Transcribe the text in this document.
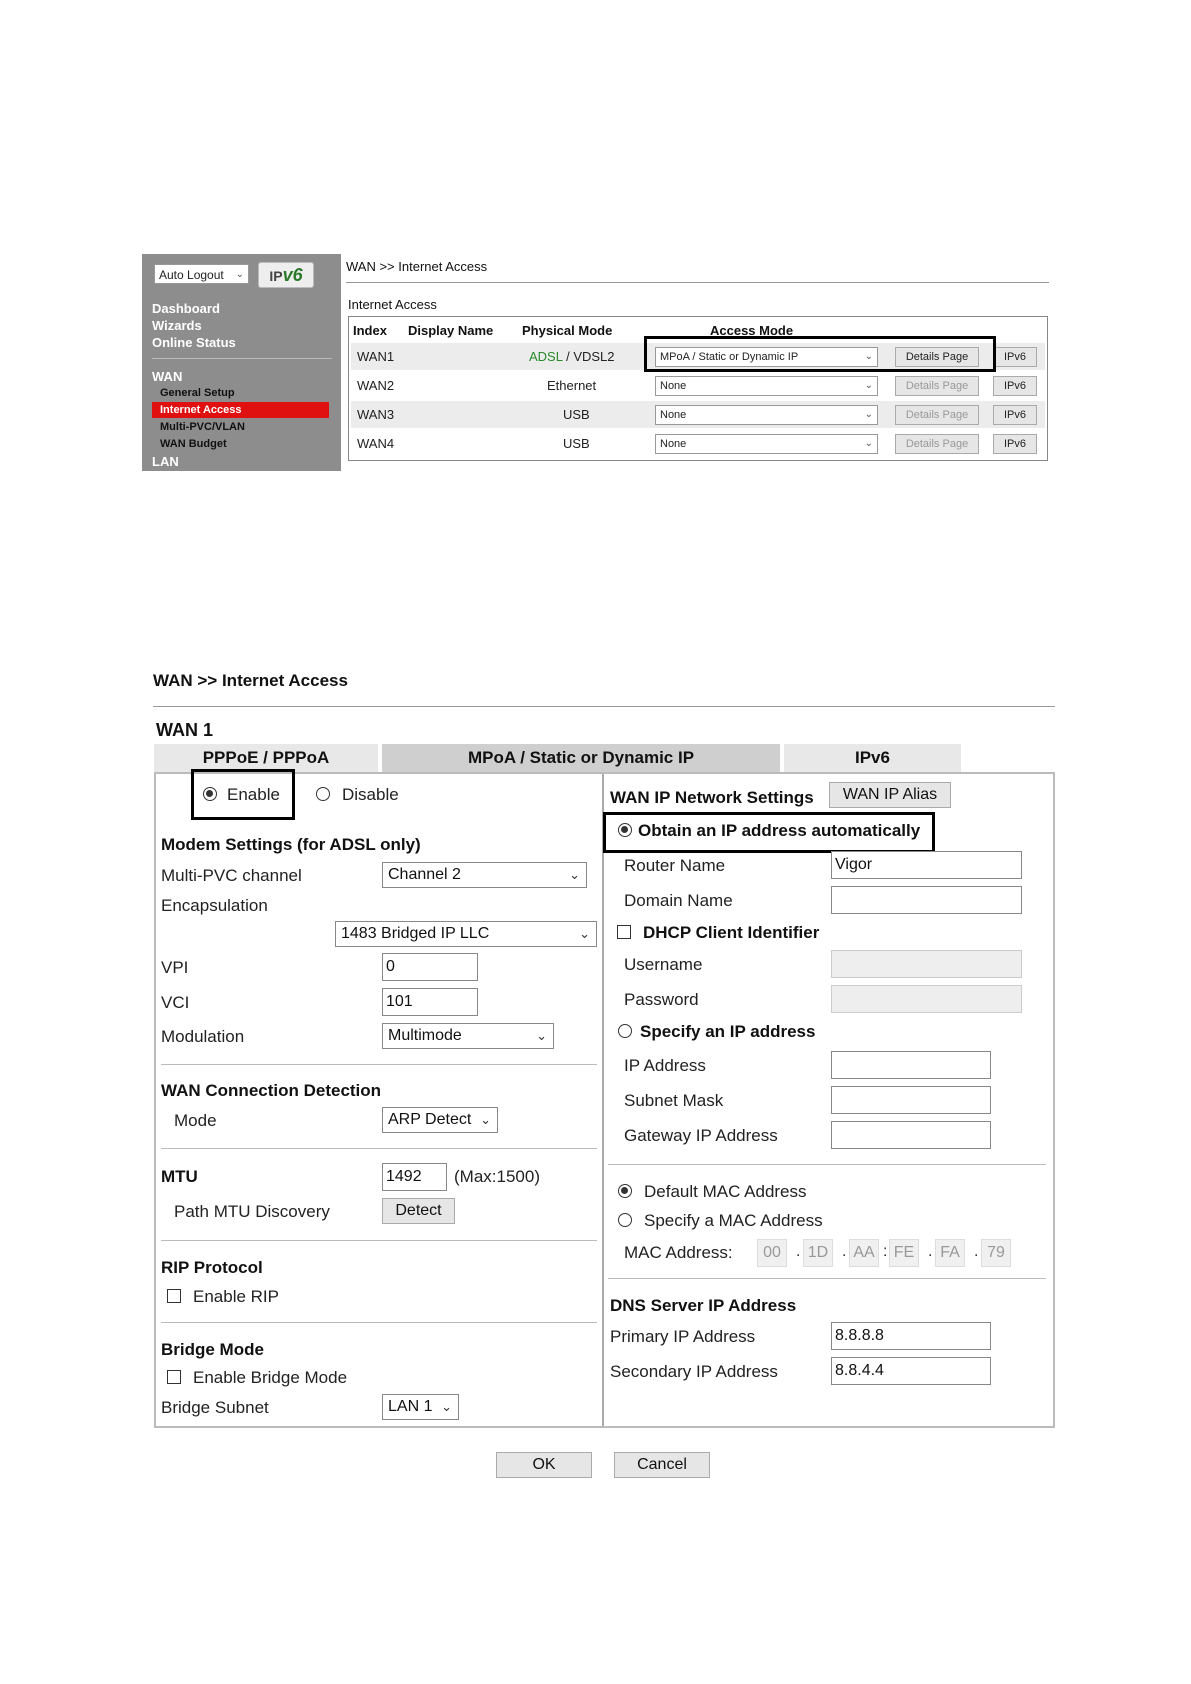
Auto Logout ⌄	IPv6
Dashboard
Wizards
Online Status
WAN
General Setup
Internet Access
Multi-PVC/VLAN
WAN Budget
LAN
WAN >> Internet Access
Internet Access
Index Display Name Physical Mode	Access Mode
WAN1	ADSL / VDSL2	MPoA / Static or Dynamic IP	⌄	Details Page	IPv6
WAN2	Ethernet	None	⌄	Details Page	IPv6
WAN3	USB	None	⌄	Details Page	IPv6
WAN4	USB	None	⌄	Details Page	IPv6
WAN >> Internet Access
WAN 1
PPPoE / PPPoA	MPoA / Static or Dynamic IP	IPv6
Enable	Disable
Modem Settings (for ADSL only)
Multi-PVC channel	Channel 2	⌄
Encapsulation
1483 Bridged IP LLC	⌄
VPI	0
VCI	101
Modulation	Multimode	⌄
WAN Connection Detection
Mode	ARP Detect ⌄
MTU	1492	(Max:1500)
Path MTU Discovery	Detect
RIP Protocol
Enable RIP
Bridge Mode
Enable Bridge Mode
Bridge Subnet	LAN 1 ⌄
WAN IP Network Settings	WAN IP Alias
Obtain an IP address automatically
Router Name	Vigor
Domain Name
DHCP Client Identifier
Username
Password
Specify an IP address
IP Address
Subnet Mask
Gateway IP Address
Default MAC Address
Specify a MAC Address
MAC Address:	00 . 1D . AA : FE . FA . 79
DNS Server IP Address
Primary IP Address	8.8.8.8
Secondary IP Address	8.8.4.4
OK	Cancel
